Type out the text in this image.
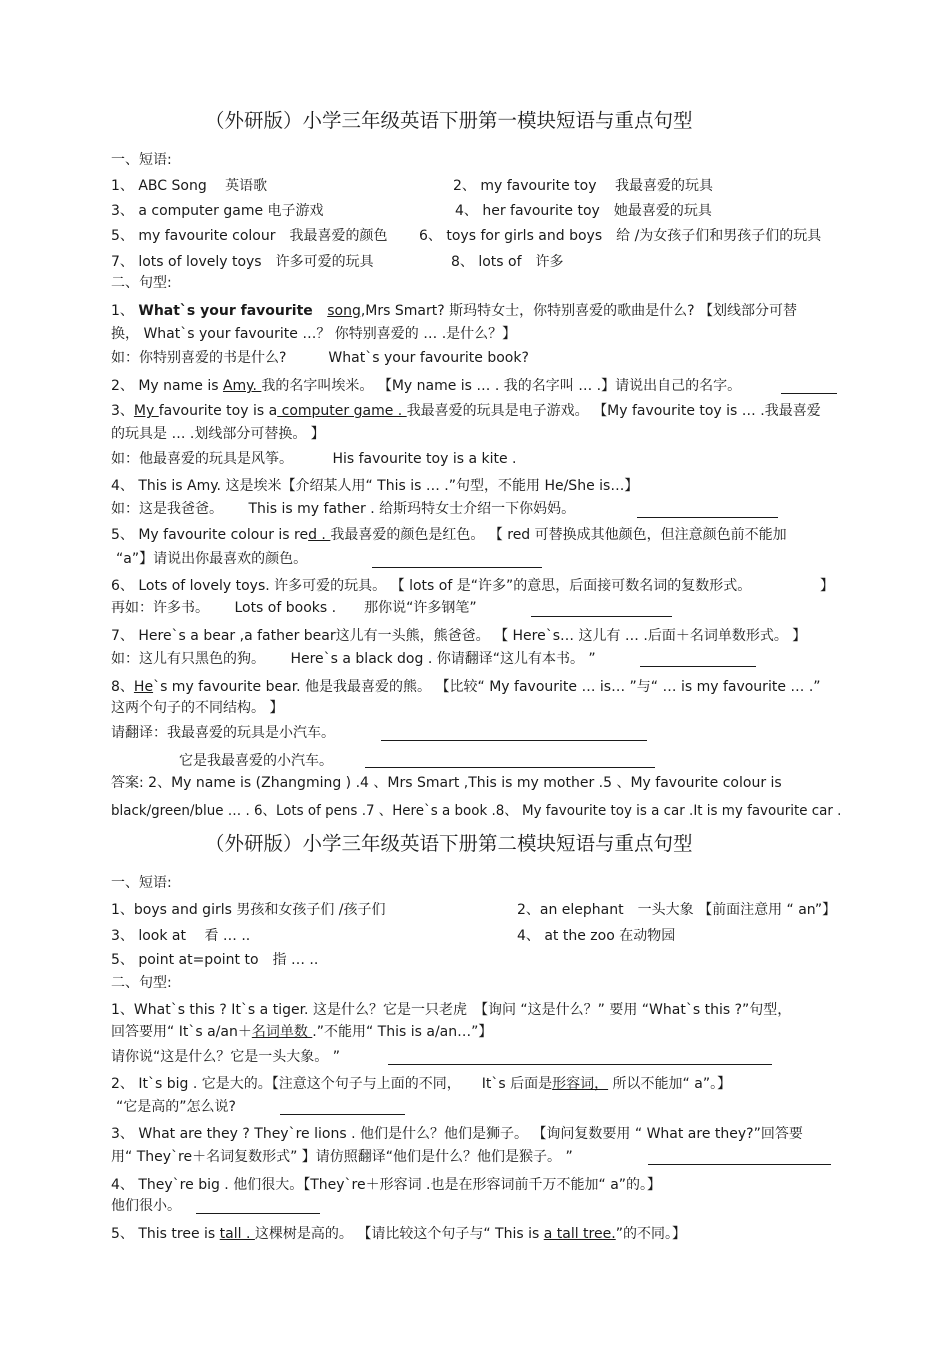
（外研版）小学三年级英语下册第一模块短语与重点句型
一、短语:
1、 ABC Song　 英语歌	2、 my favourite toy　 我最喜爱的玩具
3、 a computer game 电子游戏	4、 her favourite toy　她最喜爱的玩具
5、 my favourite colour　我最喜爱的颜色 6、 toys for girls and boys　给 /为女孩子们和男孩子们的玩具
7、 lots of lovely toys　许多可爱的玩具	8、 lots of　许多
二、句型:
1、 What`s your favourite song,Mrs Smart? 斯玛特女士，你特别喜爱的歌曲是什么? 【划线部分可替
换， What`s your favourite …？ 你特别喜爱的 … .是什么？】
如：你特别喜爱的书是什么?　　　What`s your favourite book?
2、 My name is Amy. 我的名字叫埃米。 【My name is … . 我的名字叫 … .】请说出自己的名字。
3、My favourite toy is a computer game . 我最喜爱的玩具是电子游戏。 【My favourite toy is … .我最喜爱
的玩具是 … .划线部分可替换。 】
如：他最喜爱的玩具是风筝。　　　 His favourite toy is a kite .
4、 This is Amy. 这是埃米【介绍某人用“ This is … .”句型，不能用 He/She is…】
如：这是我爸爸。　　 This is my father . 给斯玛特女士介绍一下你妈妈。
5、 My favourite colour is red . 我最喜爱的颜色是红色。 【 red 可替换成其他颜色，但注意颜色前不能加
“a”】请说出你最喜欢的颜色。
6、 Lots of lovely toys. 许多可爱的玩具。 【 lots of 是“许多”的意思，后面接可数名词的复数形式。	】
再如：许多书。　　 Lots of books .　　那你说“许多钢笔”
7、 Here`s a bear ,a father bear这儿有一头熊，熊爸爸。 【 Here`s… 这儿有 … .后面＋名词单数形式。 】
如：这儿有只黑色的狗。　　 Here`s a black dog . 你请翻译“这儿有本书。 ”
8、He`s my favourite bear. 他是我最喜爱的熊。 【比较“ My favourite … is… ”与“ … is my favourite … .”
这两个句子的不同结构。 】
请翻译：我最喜爱的玩具是小汽车。
它是我最喜爱的小汽车。
答案: 2、My name is (Zhangming ) .4 、Mrs Smart ,This is my mother .5 、My favourite colour is
black/green/blue … . 6、Lots of pens .7 、Here`s a book .8、 My favourite toy is a car .It is my favourite car .
（外研版）小学三年级英语下册第二模块短语与重点句型
一、短语:
1、boys and girls 男孩和女孩子们 /孩子们	2、an elephant　一头大象 【前面注意用 “ an”】
3、 look at　 看 … ..	4、 at the zoo 在动物园
5、 point at=point to　指 … ..
二、句型:
1、What`s this ? It`s a tiger. 这是什么？它是一只老虎　【询问 “这是什么？” 要用 “What`s this ?”句型，
回答要用“ It`s a/an＋名词单数 .”不能用“ This is a/an…”】
请你说“这是什么？它是一头大象。 ”
2、 It`s big . 它是大的。【注意这个句子与上面的不同，　　It`s 后面是形容词， 所以不能加“ a”。】
“它是高的”怎么说?
3、 What are they ? They`re lions . 他们是什么？他们是狮子。 【询问复数要用 “ What are they?”回答要
用“ They`re＋名词复数形式” 】请仿照翻译“他们是什么？他们是猴子。 ”
4、 They`re big . 他们很大。【They`re＋形容词 .也是在形容词前千万不能加“ a”的。】
他们很小。
5、 This tree is tall . 这棵树是高的。 【请比较这个句子与“ This is a tall tree.”的不同。】
